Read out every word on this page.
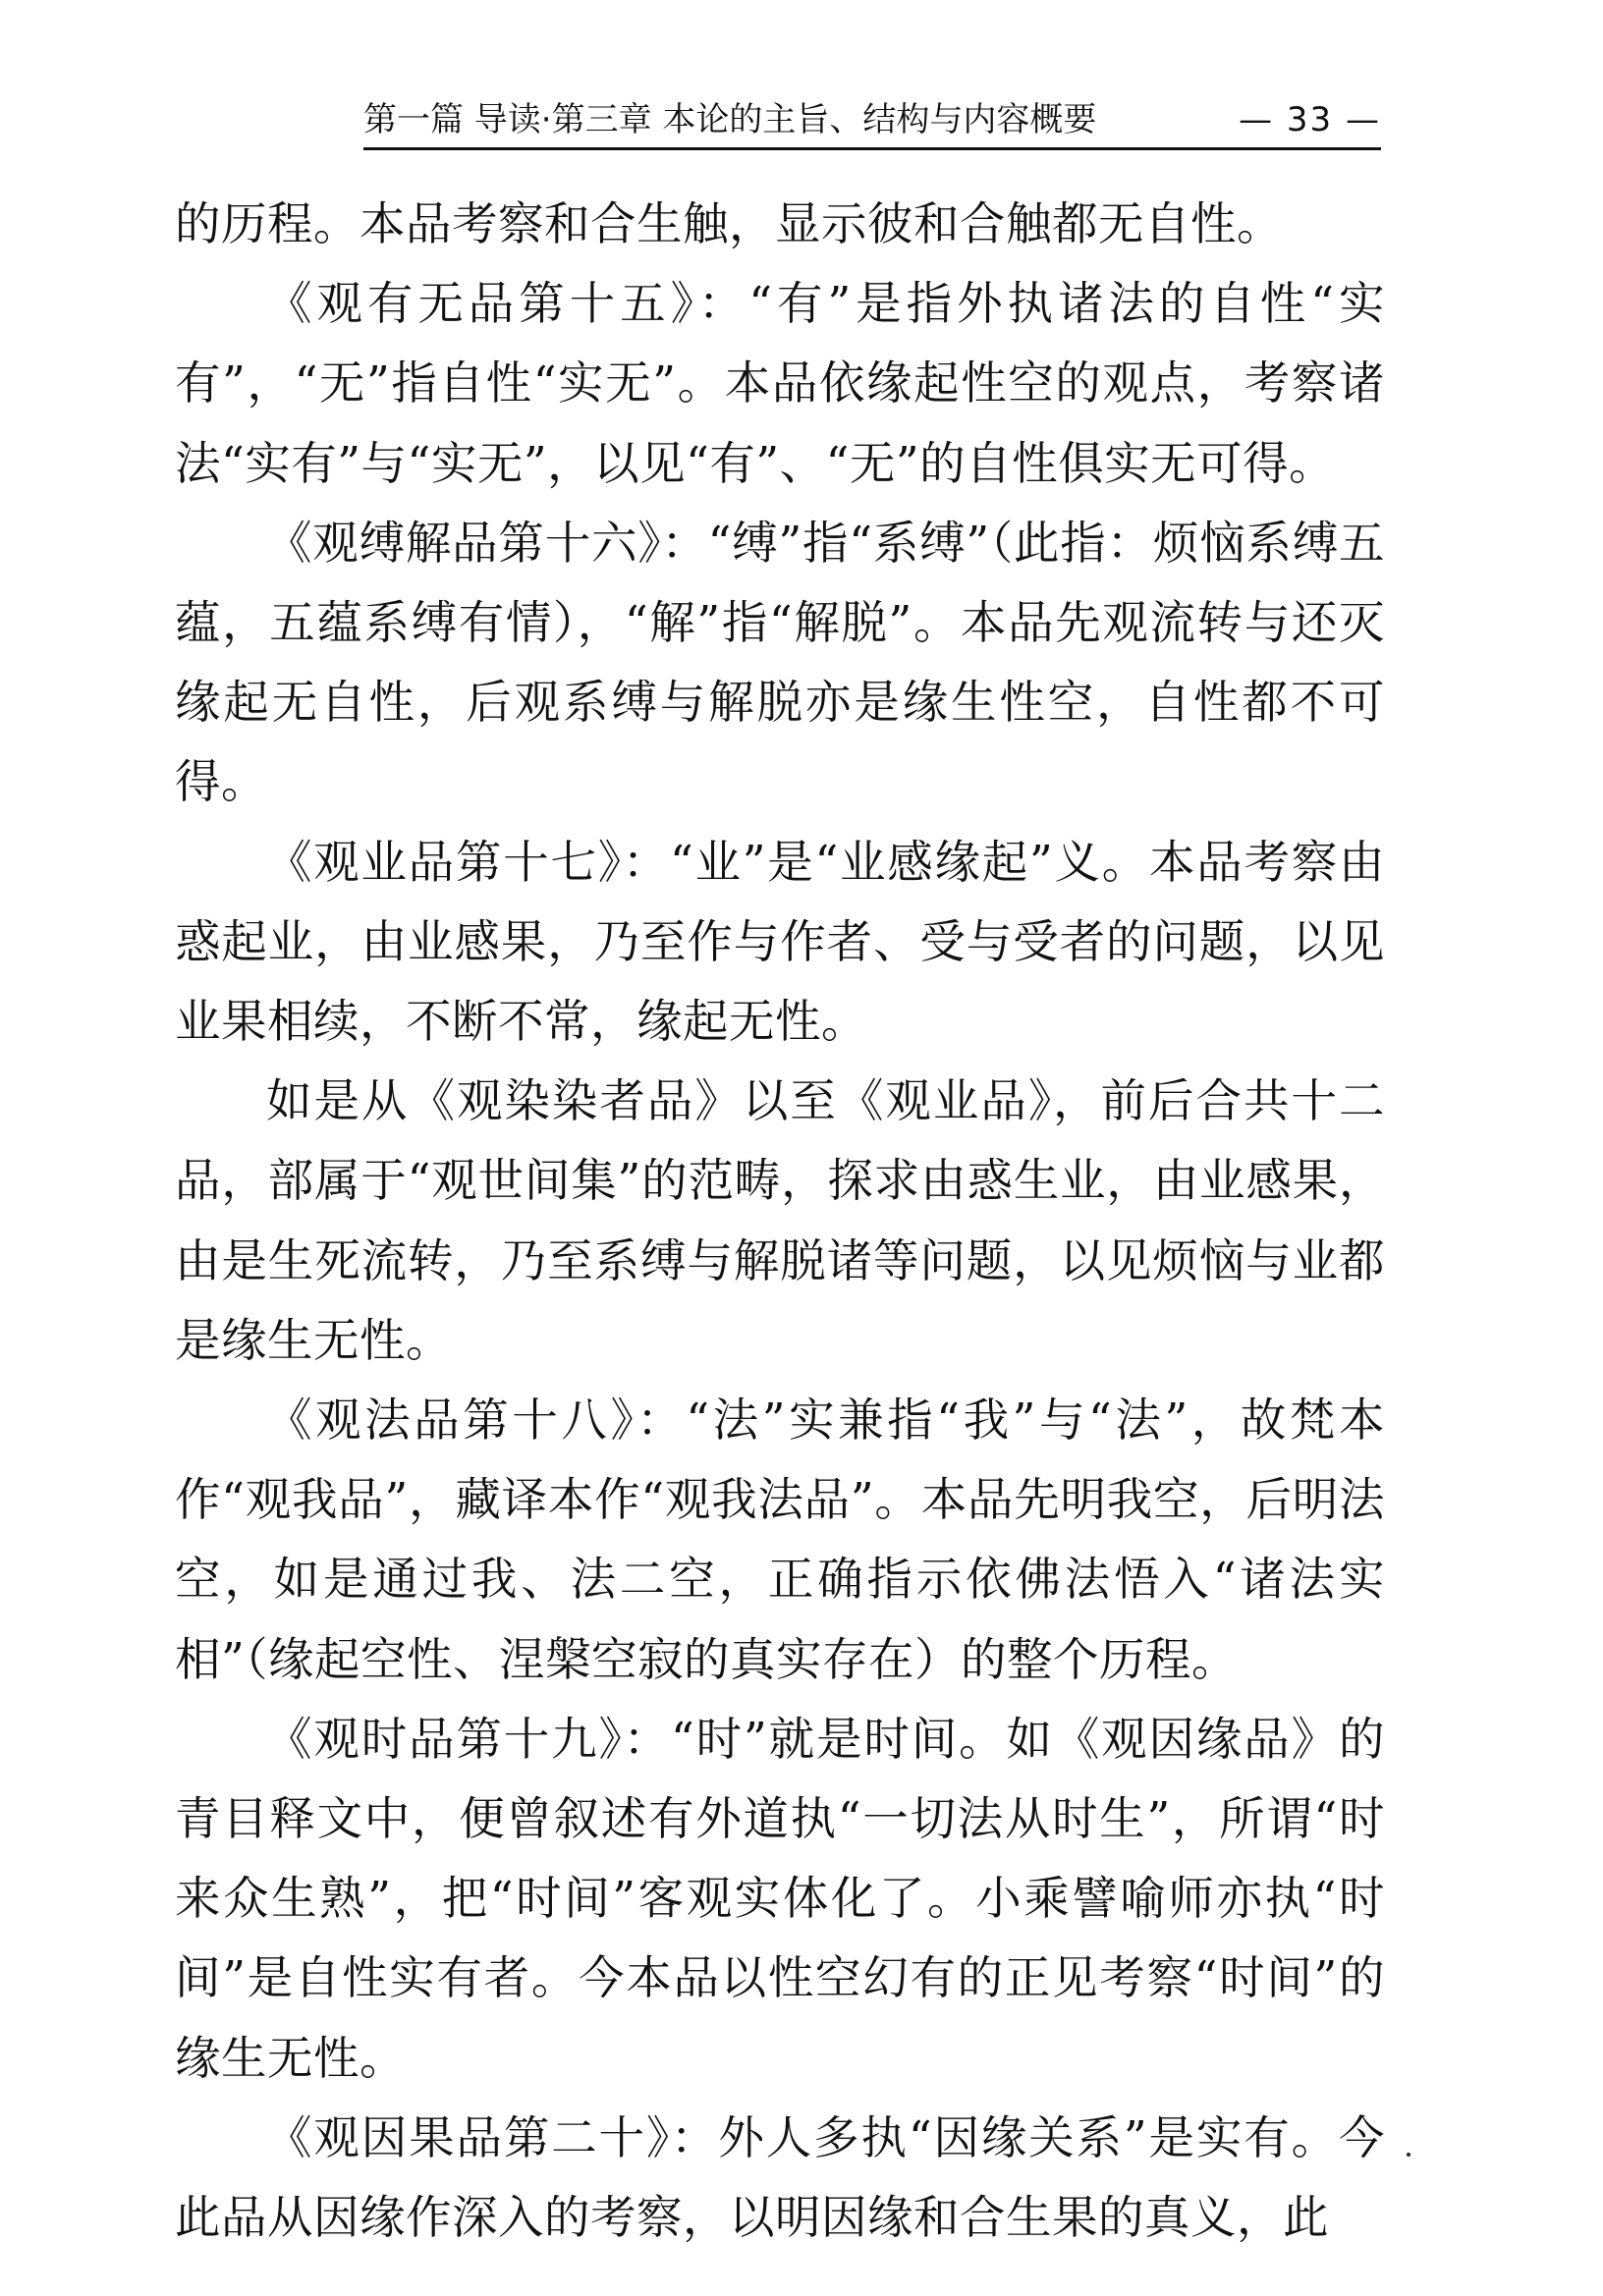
第一篇 导读·第三章 本论的主旨、结构与内容概要	— 33 —

的历程。本品考察和合生触，显示彼和合触都无自性。

《观有无品第十五》：“有”是指外执诸法的自性“实有”，“无”指自性“实无”。本品依缘起性空的观点，考察诸法“实有”与“实无”，以见“有”、“无”的自性俱实无可得。

《观缚解品第十六》：“缚”指“系缚”（此指：烦恼系缚五蕴，五蕴系缚有情），“解”指“解脱”。本品先观流转与还灭缘起无自性，后观系缚与解脱亦是缘生性空，自性都不可得。

《观业品第十七》：“业”是“业感缘起”义。本品考察由惑起业，由业感果，乃至作与作者、受与受者的问题，以见业果相续，不断不常，缘起无性。

如是从《观染染者品》以至《观业品》，前后合共十二品，部属于“观世间集”的范畴，探求由惑生业，由业感果，由是生死流转，乃至系缚与解脱诸等问题，以见烦恼与业都是缘生无性。

《观法品第十八》：“法”实兼指“我”与“法”，故梵本作“观我品”，藏译本作“观我法品”。本品先明我空，后明法空，如是通过我、法二空，正确指示依佛法悟入“诸法实相”（缘起空性、涅槃空寂的真实存在）的整个历程。

《观时品第十九》：“时”就是时间。如《观因缘品》的青目释文中，便曾叙述有外道执“一切法从时生”，所谓“时来众生熟”，把“时间”客观实体化了。小乘譬喻师亦执“时间”是自性实有者。今本品以性空幻有的正见考察“时间”的缘生无性。

《观因果品第二十》：外人多执“因缘关系”是实有。今此品从因缘作深入的考察，以明因缘和合生果的真义，此
